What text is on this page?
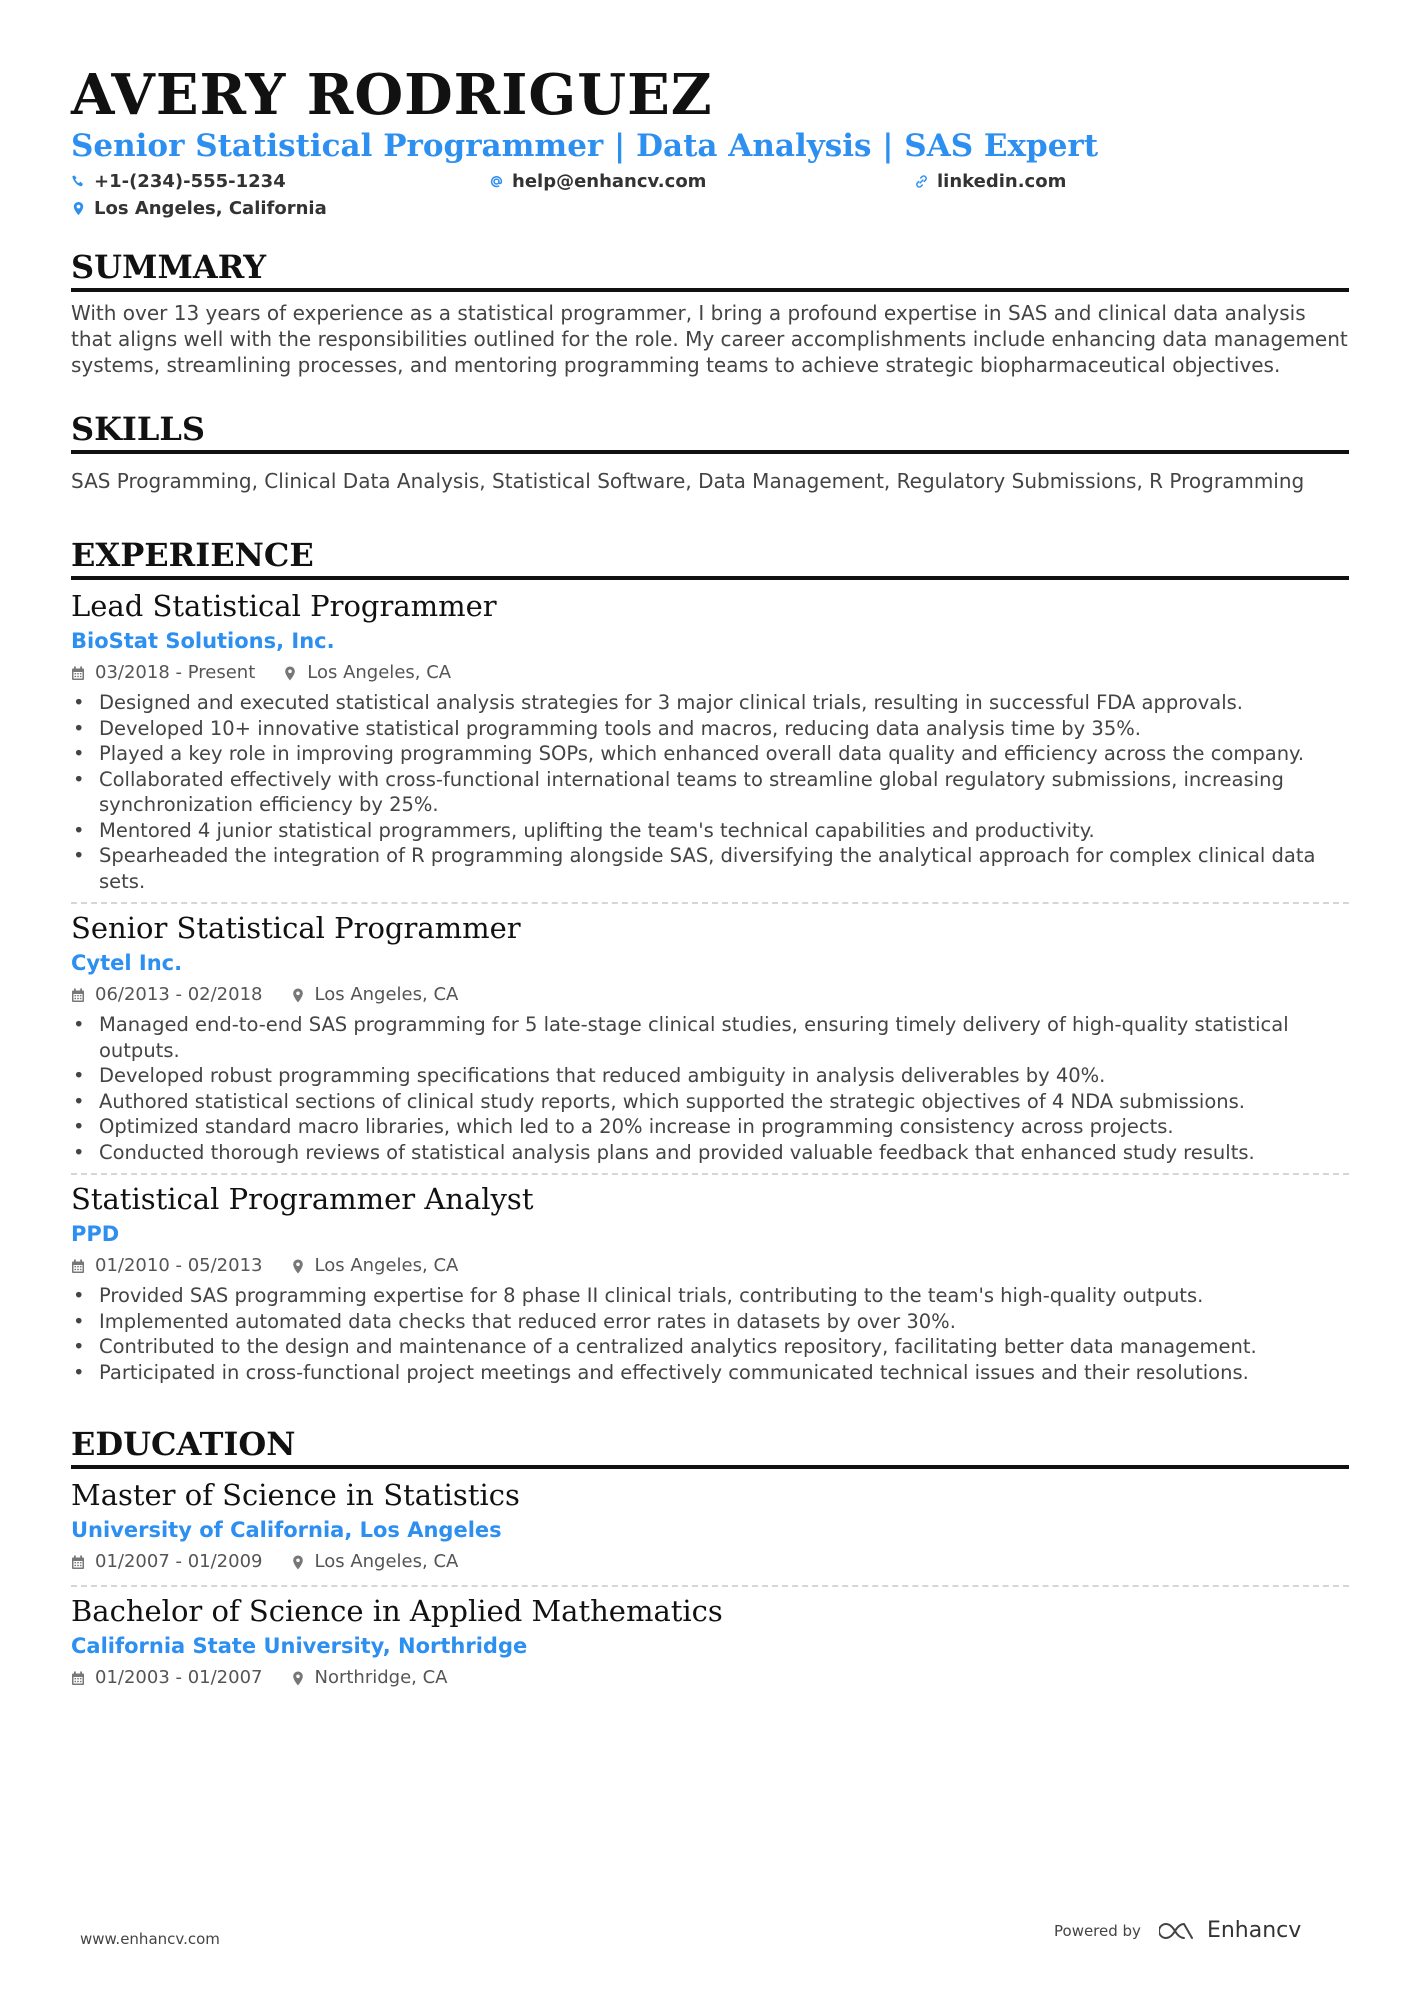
AVERY RODRIGUEZ
Senior Statistical Programmer | Data Analysis | SAS Expert
+1-(234)-555-1234	help@enhancv.com	linkedin.com
Los Angeles, California
SUMMARY
With over 13 years of experience as a statistical programmer, I bring a profound expertise in SAS and clinical data analysis that aligns well with the responsibilities outlined for the role. My career accomplishments include enhancing data management systems, streamlining processes, and mentoring programming teams to achieve strategic biopharmaceutical objectives.
SKILLS
SAS Programming, Clinical Data Analysis, Statistical Software, Data Management, Regulatory Submissions, R Programming
EXPERIENCE
Lead Statistical Programmer
BioStat Solutions, Inc.
03/2018 - Present	Los Angeles, CA
• Designed and executed statistical analysis strategies for 3 major clinical trials, resulting in successful FDA approvals.
• Developed 10+ innovative statistical programming tools and macros, reducing data analysis time by 35%.
• Played a key role in improving programming SOPs, which enhanced overall data quality and efficiency across the company.
• Collaborated effectively with cross-functional international teams to streamline global regulatory submissions, increasing synchronization efficiency by 25%.
• Mentored 4 junior statistical programmers, uplifting the team's technical capabilities and productivity.
• Spearheaded the integration of R programming alongside SAS, diversifying the analytical approach for complex clinical data sets.
Senior Statistical Programmer
Cytel Inc.
06/2013 - 02/2018	Los Angeles, CA
• Managed end-to-end SAS programming for 5 late-stage clinical studies, ensuring timely delivery of high-quality statistical outputs.
• Developed robust programming specifications that reduced ambiguity in analysis deliverables by 40%.
• Authored statistical sections of clinical study reports, which supported the strategic objectives of 4 NDA submissions.
• Optimized standard macro libraries, which led to a 20% increase in programming consistency across projects.
• Conducted thorough reviews of statistical analysis plans and provided valuable feedback that enhanced study results.
Statistical Programmer Analyst
PPD
01/2010 - 05/2013	Los Angeles, CA
• Provided SAS programming expertise for 8 phase II clinical trials, contributing to the team's high-quality outputs.
• Implemented automated data checks that reduced error rates in datasets by over 30%.
• Contributed to the design and maintenance of a centralized analytics repository, facilitating better data management.
• Participated in cross-functional project meetings and effectively communicated technical issues and their resolutions.
EDUCATION
Master of Science in Statistics
University of California, Los Angeles
01/2007 - 01/2009	Los Angeles, CA
Bachelor of Science in Applied Mathematics
California State University, Northridge
01/2003 - 01/2007	Northridge, CA
www.enhancv.com	Powered by	Enhancv
